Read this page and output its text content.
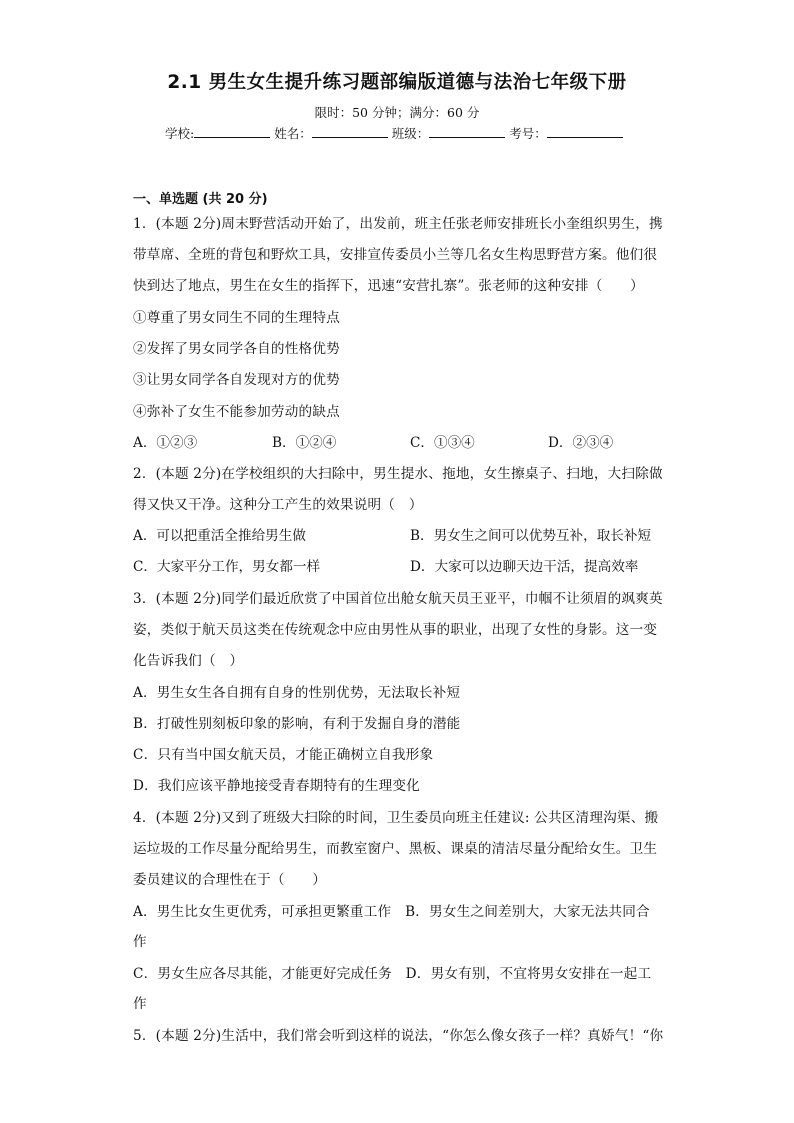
2.1 男生女生提升练习题部编版道德与法治七年级下册
限时：50 分钟；满分：60 分
学校:	姓名：	班级：	考号：
一、单选题 (共 20 分)
1．(本题 2分)周末野营活动开始了，出发前，班主任张老师安排班长小奎组织男生，携
带草席、全班的背包和野炊工具，安排宣传委员小兰等几名女生构思野营方案。他们很
快到达了地点，男生在女生的指挥下，迅速“安营扎寨”。张老师的这种安排（　　）
①尊重了男女同生不同的生理特点
②发挥了男女同学各自的性格优势
③让男女同学各自发现对方的优势
④弥补了女生不能参加劳动的缺点
A．①②③	B．①②④	C．①③④	D．②③④
2．(本题 2分)在学校组织的大扫除中，男生提水、拖地，女生擦桌子、扫地，大扫除做
得又快又干净。这种分工产生的效果说明（　）
A．可以把重活全推给男生做	B．男女生之间可以优势互补，取长补短
C．大家平分工作，男女都一样	D．大家可以边聊天边干活，提高效率
3．(本题 2分)同学们最近欣赏了中国首位出舱女航天员王亚平，巾帼不让须眉的飒爽英
姿，类似于航天员这类在传统观念中应由男性从事的职业，出现了女性的身影。这一变
化告诉我们（　）
A．男生女生各自拥有自身的性别优势，无法取长补短
B．打破性别刻板印象的影响，有利于发掘自身的潜能
C．只有当中国女航天员，才能正确树立自我形象
D．我们应该平静地接受青春期特有的生理变化
4．(本题 2分)又到了班级大扫除的时间，卫生委员向班主任建议: 公共区清理沟渠、搬
运垃圾的工作尽量分配给男生，而教室窗户、黑板、课桌的清洁尽量分配给女生。卫生
委员建议的合理性在于（　　）
A．男生比女生更优秀，可承担更繁重工作　B．男女生之间差别大，大家无法共同合
作
C．男女生应各尽其能，才能更好完成任务　D．男女有别，不宜将男女安排在一起工
作
5．(本题 2分)生活中，我们常会听到这样的说法，“你怎么像女孩子一样？真娇气！“你
